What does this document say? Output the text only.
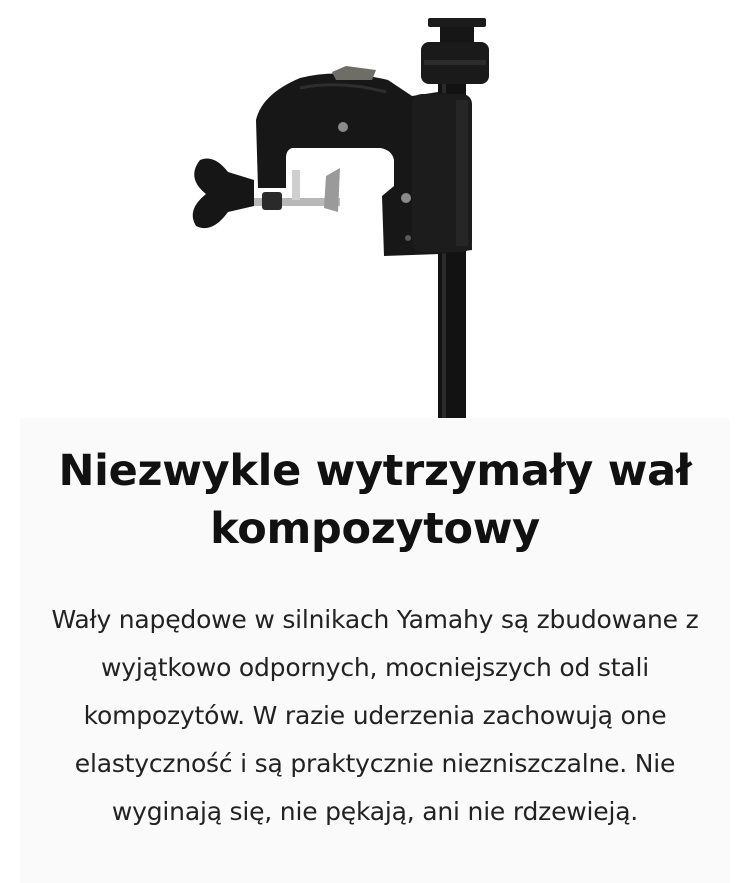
Niezwykle wytrzymały wał kompozytowy

Wały napędowe w silnikach Yamahy są zbudowane z wyjątkowo odpornych, mocniejszych od stali kompozytów. W razie uderzenia zachowują one elastyczność i są praktycznie niezniszczalne. Nie wyginają się, nie pękają, ani nie rdzewieją.
